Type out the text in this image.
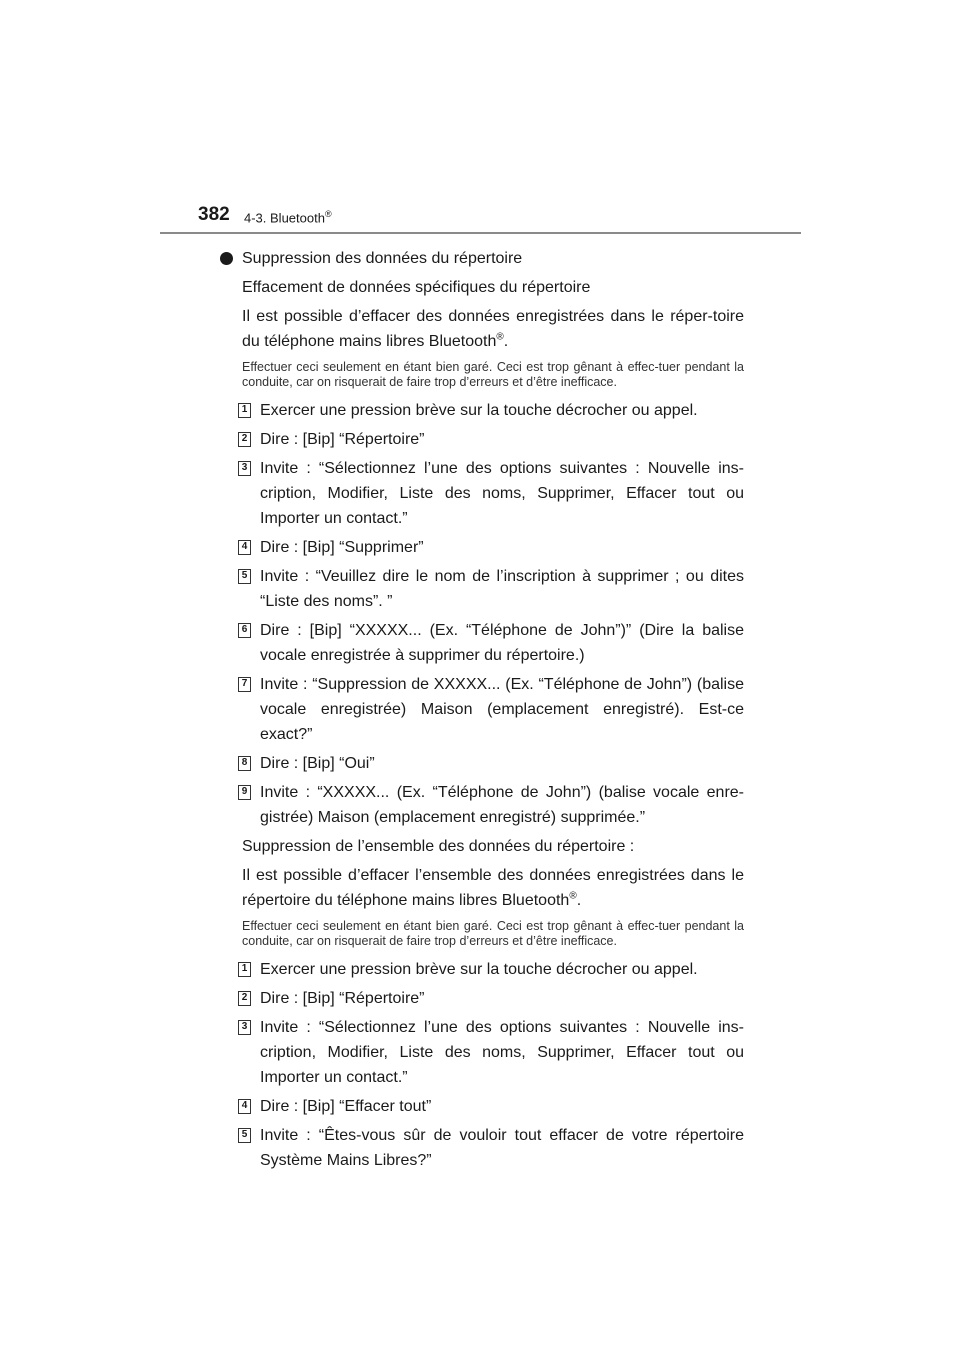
382 4-3. Bluetooth®
Suppression des données du répertoire
Effacement de données spécifiques du répertoire
Il est possible d’effacer des données enregistrées dans le réper-toire du téléphone mains libres Bluetooth®.
Effectuer ceci seulement en étant bien garé. Ceci est trop gênant à effec-tuer pendant la conduite, car on risquerait de faire trop d’erreurs et d’être inefficace.
1 Exercer une pression brève sur la touche décrocher ou appel.
2 Dire : [Bip] “Répertoire”
3 Invite : “Sélectionnez l’une des options suivantes : Nouvelle ins-cription, Modifier, Liste des noms, Supprimer, Effacer tout ou Importer un contact.”
4 Dire : [Bip] “Supprimer”
5 Invite : “Veuillez dire le nom de l’inscription à supprimer ; ou dites “Liste des noms”. ”
6 Dire : [Bip] “XXXXX... (Ex. “Téléphone de John”)” (Dire la balise vocale enregistrée à supprimer du répertoire.)
7 Invite : “Suppression de XXXXX... (Ex. “Téléphone de John”) (balise vocale enregistrée) Maison (emplacement enregistré). Est-ce exact?”
8 Dire : [Bip] “Oui”
9 Invite : “XXXXX... (Ex. “Téléphone de John”) (balise vocale enre-gistrée) Maison (emplacement enregistré) supprimée.”
Suppression de l’ensemble des données du répertoire :
Il est possible d’effacer l’ensemble des données enregistrées dans le répertoire du téléphone mains libres Bluetooth®.
Effectuer ceci seulement en étant bien garé. Ceci est trop gênant à effec-tuer pendant la conduite, car on risquerait de faire trop d’erreurs et d’être inefficace.
1 Exercer une pression brève sur la touche décrocher ou appel.
2 Dire : [Bip] “Répertoire”
3 Invite : “Sélectionnez l’une des options suivantes : Nouvelle ins-cription, Modifier, Liste des noms, Supprimer, Effacer tout ou Importer un contact.”
4 Dire : [Bip] “Effacer tout”
5 Invite : “Êtes-vous sûr de vouloir tout effacer de votre répertoire Système Mains Libres?”
